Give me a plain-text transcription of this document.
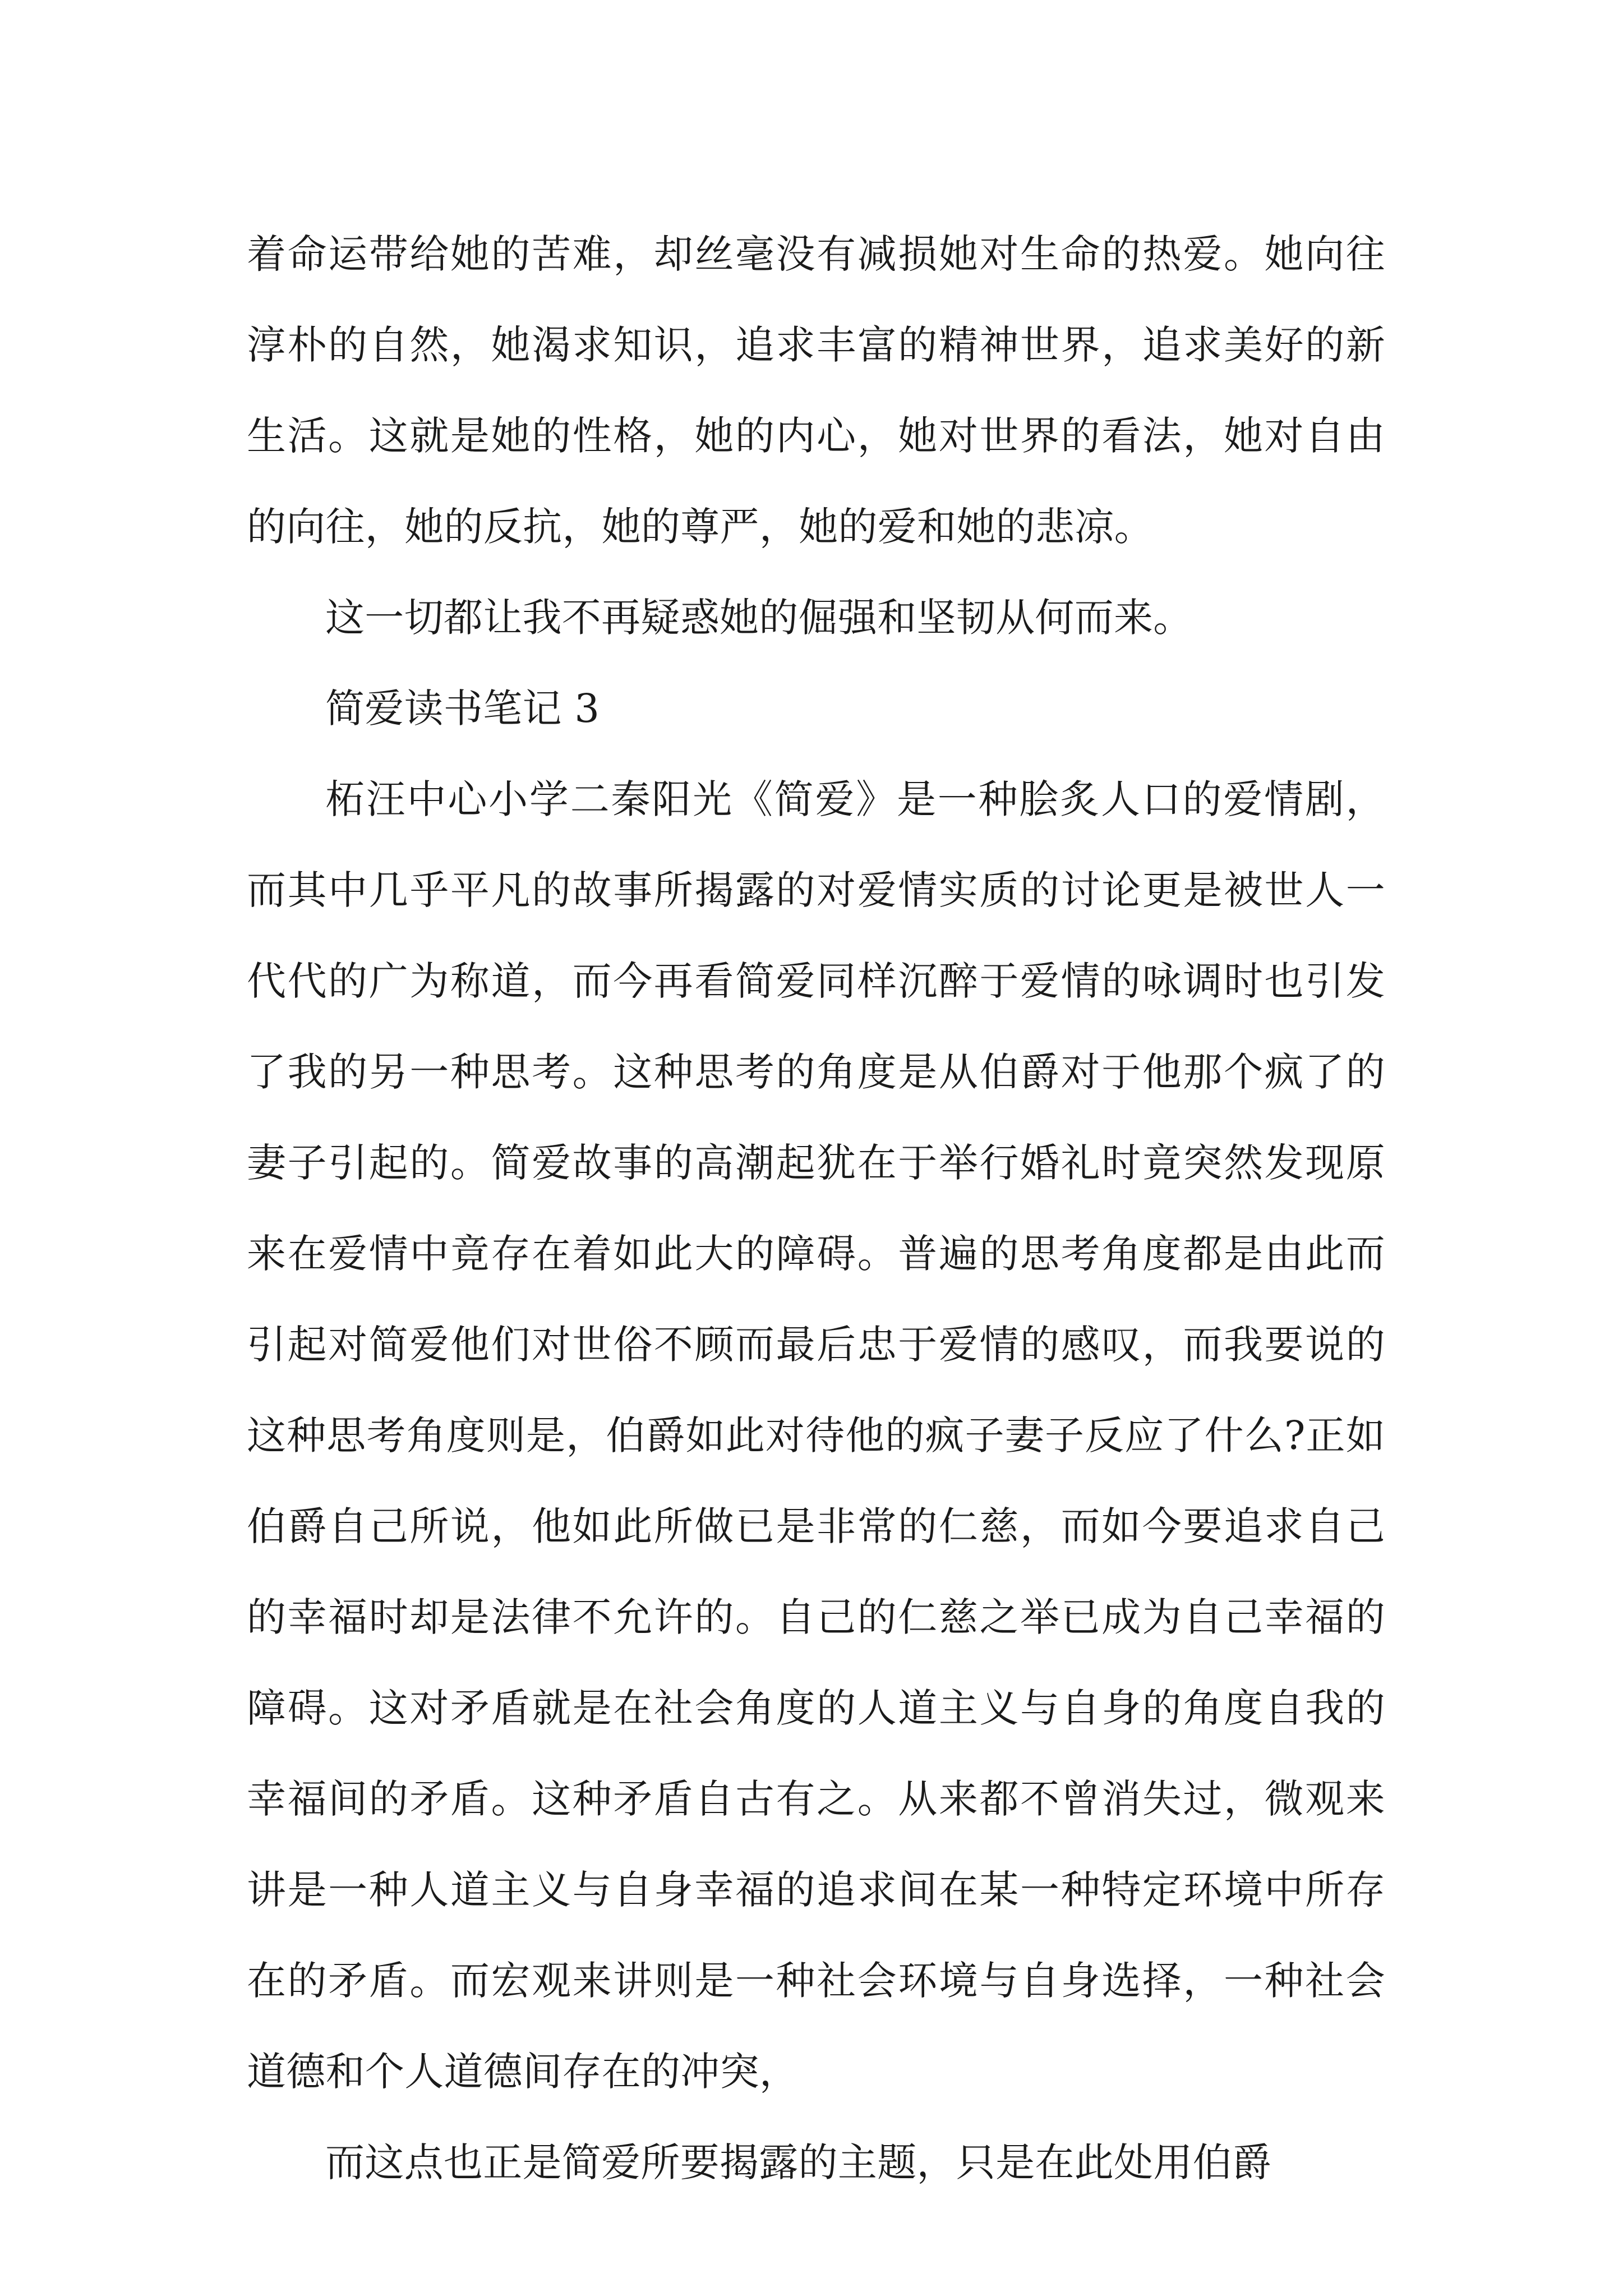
着命运带给她的苦难，却丝毫没有减损她对生命的热爱。她向往淳朴的自然，她渴求知识，追求丰富的精神世界，追求美好的新生活。这就是她的性格，她的内心，她对世界的看法，她对自由的向往，她的反抗，她的尊严，她的爱和她的悲凉。

这一切都让我不再疑惑她的倔强和坚韧从何而来。

简爱读书笔记 3

柘汪中心小学二秦阳光《简爱》是一种脍炙人口的爱情剧，而其中几乎平凡的故事所揭露的对爱情实质的讨论更是被世人一代代的广为称道，而今再看简爱同样沉醉于爱情的咏调时也引发了我的另一种思考。这种思考的角度是从伯爵对于他那个疯了的妻子引起的。简爱故事的高潮起犹在于举行婚礼时竟突然发现原来在爱情中竟存在着如此大的障碍。普遍的思考角度都是由此而引起对简爱他们对世俗不顾而最后忠于爱情的感叹，而我要说的这种思考角度则是，伯爵如此对待他的疯子妻子反应了什么?正如伯爵自己所说，他如此所做已是非常的仁慈，而如今要追求自己的幸福时却是法律不允许的。自己的仁慈之举已成为自己幸福的障碍。这对矛盾就是在社会角度的人道主义与自身的角度自我的幸福间的矛盾。这种矛盾自古有之。从来都不曾消失过，微观来讲是一种人道主义与自身幸福的追求间在某一种特定环境中所存在的矛盾。而宏观来讲则是一种社会环境与自身选择，一种社会道德和个人道德间存在的冲突，

而这点也正是简爱所要揭露的主题，只是在此处用伯爵
